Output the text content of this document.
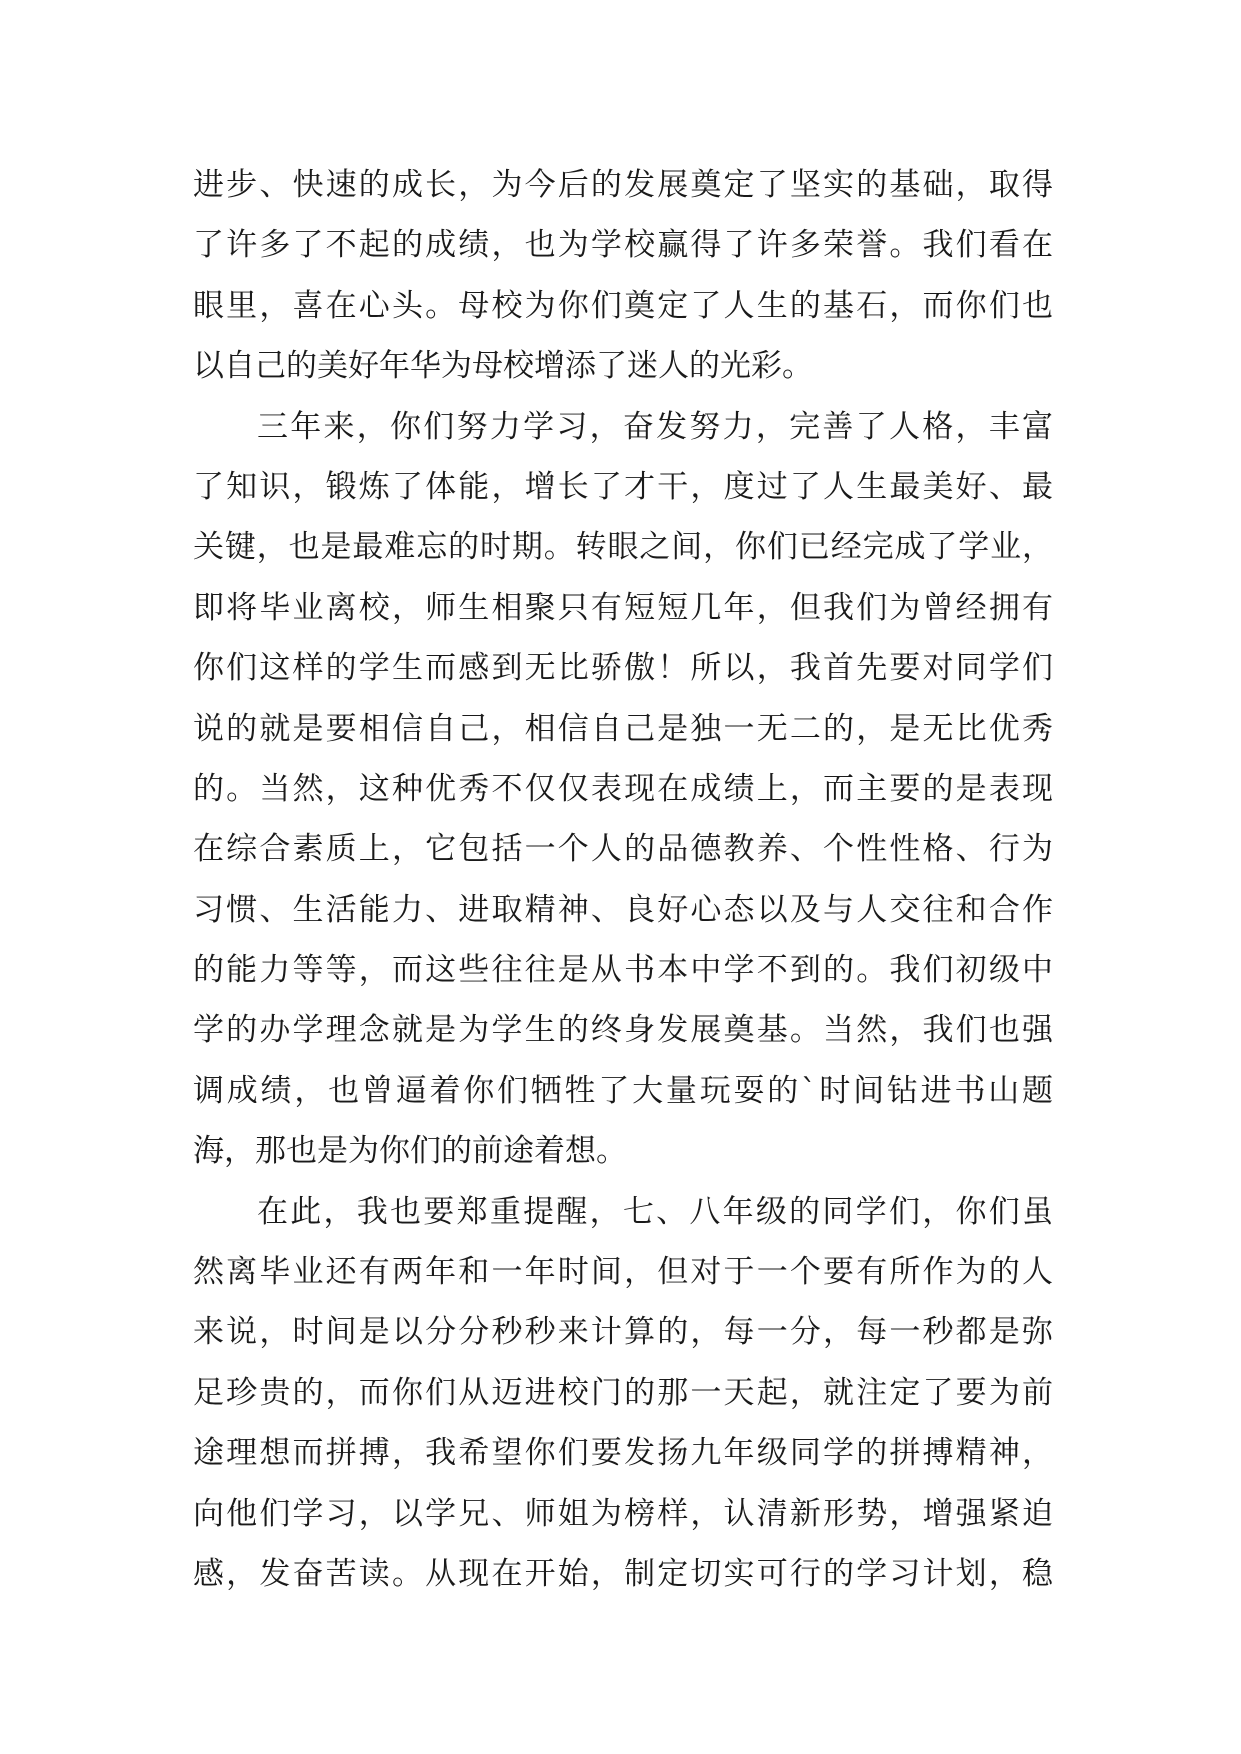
进步、快速的成长，为今后的发展奠定了坚实的基础，取得
了许多了不起的成绩，也为学校赢得了许多荣誉。我们看在
眼里，喜在心头。母校为你们奠定了人生的基石，而你们也
以自己的美好年华为母校增添了迷人的光彩。
三年来，你们努力学习，奋发努力，完善了人格，丰富
了知识，锻炼了体能，增长了才干，度过了人生最美好、最
关键，也是最难忘的时期。转眼之间，你们已经完成了学业，
即将毕业离校，师生相聚只有短短几年，但我们为曾经拥有
你们这样的学生而感到无比骄傲！所以，我首先要对同学们
说的就是要相信自己，相信自己是独一无二的，是无比优秀
的。当然，这种优秀不仅仅表现在成绩上，而主要的是表现
在综合素质上，它包括一个人的品德教养、个性性格、行为
习惯、生活能力、进取精神、良好心态以及与人交往和合作
的能力等等，而这些往往是从书本中学不到的。我们初级中
学的办学理念就是为学生的终身发展奠基。当然，我们也强
调成绩，也曾逼着你们牺牲了大量玩耍的`时间钻进书山题
海，那也是为你们的前途着想。
在此，我也要郑重提醒，七、八年级的同学们，你们虽
然离毕业还有两年和一年时间，但对于一个要有所作为的人
来说，时间是以分分秒秒来计算的，每一分，每一秒都是弥
足珍贵的，而你们从迈进校门的那一天起，就注定了要为前
途理想而拼搏，我希望你们要发扬九年级同学的拼搏精神，
向他们学习，以学兄、师姐为榜样，认清新形势，增强紧迫
感，发奋苦读。从现在开始，制定切实可行的学习计划，稳
